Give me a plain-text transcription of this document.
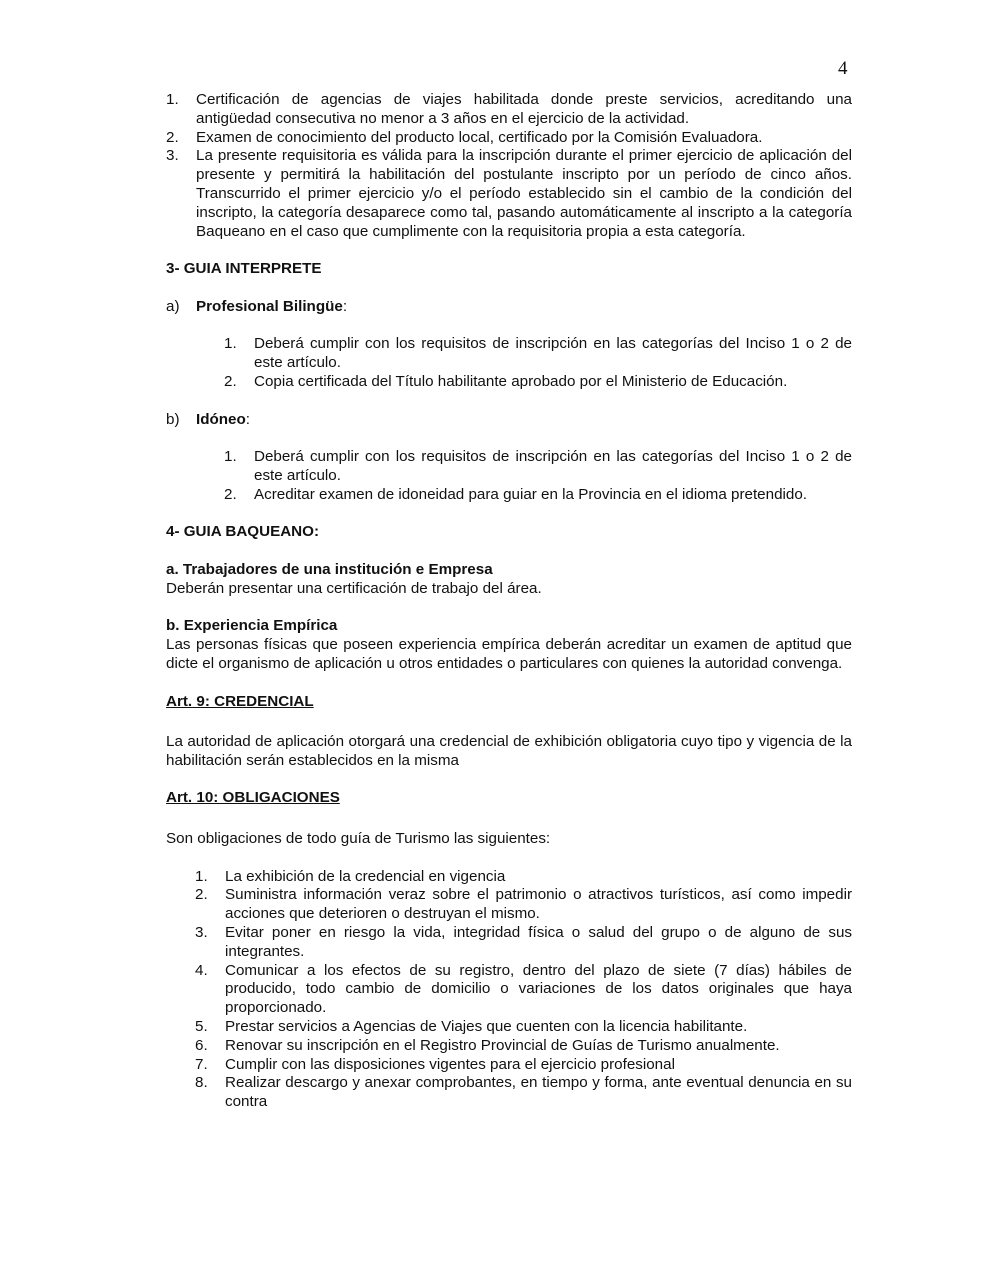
4
1.	Certificación de agencias de viajes habilitada donde preste servicios, acreditando una antigüedad consecutiva no menor a 3 años en el ejercicio de la actividad.
2.	Examen de conocimiento del producto local, certificado por la Comisión Evaluadora.
3.	La presente requisitoria es válida para la inscripción durante el primer ejercicio de aplicación del presente y permitirá la habilitación del postulante inscripto por un período de cinco años. Transcurrido el primer ejercicio y/o el período establecido sin el cambio de la condición del inscripto, la categoría desaparece como tal, pasando automáticamente al inscripto a la categoría Baqueano en el caso que cumplimente con la requisitoria propia a esta categoría.

3- GUIA INTERPRETE

a)	Profesional Bilingüe:
1.	Deberá cumplir con los requisitos de inscripción en las categorías del Inciso 1 o 2 de este artículo.
2.	Copia certificada del Título habilitante aprobado por el Ministerio de Educación.
b)	Idóneo:
1.	Deberá cumplir con los requisitos de inscripción en las categorías del Inciso 1 o 2 de este artículo.
2.	Acreditar examen de idoneidad para guiar en la Provincia en el idioma pretendido.

4- GUIA BAQUEANO:

a. Trabajadores de una institución e Empresa

Deberán presentar una certificación de trabajo del área.

b. Experiencia Empírica

Las personas físicas que poseen experiencia empírica deberán acreditar un examen de aptitud que dicte el organismo de aplicación u otros entidades o particulares con quienes la autoridad convenga.

Art. 9: CREDENCIAL

La autoridad de aplicación otorgará una credencial de exhibición obligatoria cuyo tipo y vigencia de la habilitación serán establecidos en la misma

Art. 10: OBLIGACIONES

Son obligaciones de todo guía de Turismo las siguientes:

1.	La exhibición de la credencial en vigencia
2.	Suministra información veraz sobre el patrimonio o atractivos turísticos, así como impedir acciones que deterioren o destruyan el mismo.
3.	Evitar poner en riesgo la vida, integridad física o salud del grupo o de alguno de sus integrantes.
4.	Comunicar a los efectos de su registro, dentro del plazo de siete (7 días) hábiles de producido, todo cambio de domicilio o variaciones de los datos originales que haya proporcionado.
5.	Prestar servicios a Agencias de Viajes que cuenten con la licencia habilitante.
6.	Renovar su inscripción en el Registro Provincial de Guías de Turismo anualmente.
7.	Cumplir con las disposiciones vigentes para el ejercicio profesional
8.	Realizar descargo y anexar comprobantes, en tiempo y forma, ante eventual denuncia en su contra
